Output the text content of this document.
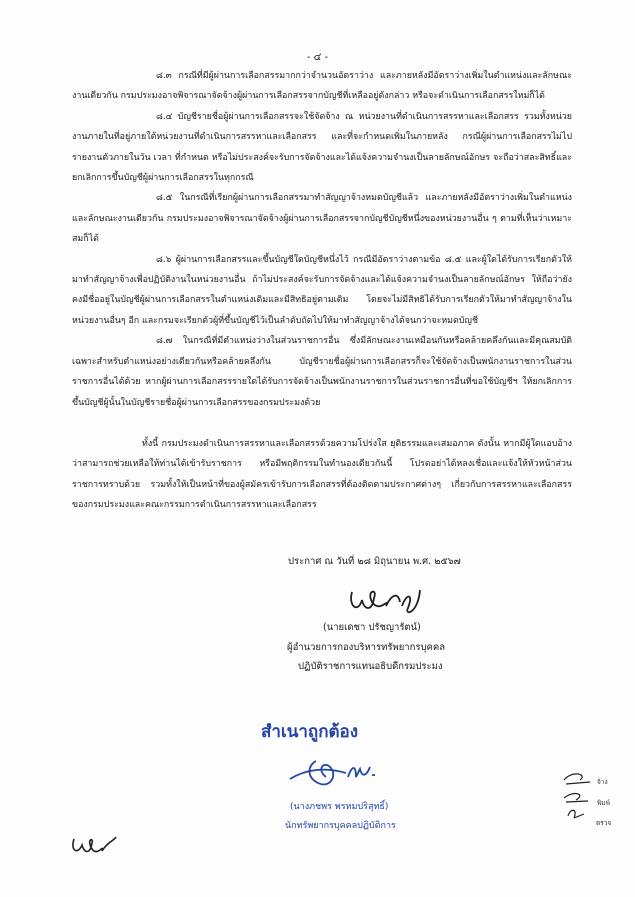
- ๔ -

๘.๓ กรณีที่มีผู้ผ่านการเลือกสรรมากกว่าจำนวนอัตราว่าง และภายหลังมีอัตราว่างเพิ่มในตำแหน่งและลักษณะงานเดียวกัน กรมประมงอาจพิจารณาจัดจ้างผู้ผ่านการเลือกสรรจากบัญชีที่เหลืออยู่ดังกล่าว หรือจะดำเนินการเลือกสรรใหม่ก็ได้

๘.๔ บัญชีรายชื่อผู้ผ่านการเลือกสรรจะใช้จัดจ้าง ณ หน่วยงานที่ดำเนินการสรรหาและเลือกสรร รวมทั้งหน่วยงานภายในที่อยู่ภายใต้หน่วยงานที่ดำเนินการสรรหาและเลือกสรร และที่จะกำหนดเพิ่มในภายหลัง กรณีผู้ผ่านการเลือกสรรไม่ไปรายงานตัวภายในวัน เวลา ที่กำหนด หรือไม่ประสงค์จะรับการจัดจ้างและได้แจ้งความจำนงเป็นลายลักษณ์อักษร จะถือว่าสละสิทธิ์และยกเลิกการขึ้นบัญชีผู้ผ่านการเลือกสรรในทุกกรณี

๘.๕ ในกรณีที่เรียกผู้ผ่านการเลือกสรรมาทำสัญญาจ้างหมดบัญชีแล้ว และภายหลังมีอัตราว่างเพิ่มในตำแหน่งและลักษณะงานเดียวกัน กรมประมงอาจพิจารณาจัดจ้างผู้ผ่านการเลือกสรรจากบัญชีบัญชีหนึ่งของหน่วยงานอื่น ๆ ตามที่เห็นว่าเหมาะสมก็ได้

๘.๖ ผู้ผ่านการเลือกสรรและขึ้นบัญชีใดบัญชีหนึ่งไว้ กรณีมีอัตราว่างตามข้อ ๘.๕ และผู้ใดได้รับการเรียกตัวให้มาทำสัญญาจ้างเพื่อปฏิบัติงานในหน่วยงานอื่น ถ้าไม่ประสงค์จะรับการจัดจ้างและได้แจ้งความจำนงเป็นลายลักษณ์อักษร ให้ถือว่ายังคงมีชื่ออยู่ในบัญชีผู้ผ่านการเลือกสรรในตำแหน่งเดิมและมีสิทธิอยู่ตามเดิม โดยจะไม่มีสิทธิได้รับการเรียกตัวให้มาทำสัญญาจ้างในหน่วยงานอื่นๆ อีก และกรมจะเรียกตัวผู้ที่ขึ้นบัญชีไว้เป็นลำดับถัดไปให้มาทำสัญญาจ้างได้จนกว่าจะหมดบัญชี

๘.๗ ในกรณีที่มีตำแหน่งว่างในส่วนราชการอื่น ซึ่งมีลักษณะงานเหมือนกันหรือคล้ายคลึงกันและมีคุณสมบัติเฉพาะสำหรับตำแหน่งอย่างเดียวกันหรือคล้ายคลึงกัน บัญชีรายชื่อผู้ผ่านการเลือกสรรก็จะใช้จัดจ้างเป็นพนักงานราชการในส่วนราชการอื่นได้ด้วย หากผู้ผ่านการเลือกสรรรายใดได้รับการจัดจ้างเป็นพนักงานราชการในส่วนราชการอื่นที่ขอใช้บัญชีฯ ให้ยกเลิกการขึ้นบัญชีผู้นั้นในบัญชีรายชื่อผู้ผ่านการเลือกสรรของกรมประมงด้วย

ทั้งนี้ กรมประมงดำเนินการสรรหาและเลือกสรรด้วยความโปร่งใส ยุติธรรมและเสมอภาค ดังนั้น หากมีผู้ใดแอบอ้างว่าสามารถช่วยเหลือให้ท่านได้เข้ารับราชการ หรือมีพฤติกรรมในทำนองเดียวกันนี้ โปรดอย่าได้หลงเชื่อและแจ้งให้หัวหน้าส่วนราชการทราบด้วย รวมทั้งให้เป็นหน้าที่ของผู้สมัครเข้ารับการเลือกสรรที่ต้องติดตามประกาศต่างๆ เกี่ยวกับการสรรหาและเลือกสรรของกรมประมงและคณะกรรมการดำเนินการสรรหาและเลือกสรร

ประกาศ ณ วันที่ ๒๘ มิถุนายน พ.ศ. ๒๕๖๗
(นายเดชา ปรัชญารัตน์)
ผู้อำนวยการกองบริหารทรัพยากรบุคคล
ปฏิบัติราชการแทนอธิบดีกรมประมง
สำเนาถูกต้อง
(นางภชพร พรหมปริสุทธิ์)
นักทรัพยากรบุคคลปฏิบัติการ
จ้าง
พิมพ์
ตรวจ
